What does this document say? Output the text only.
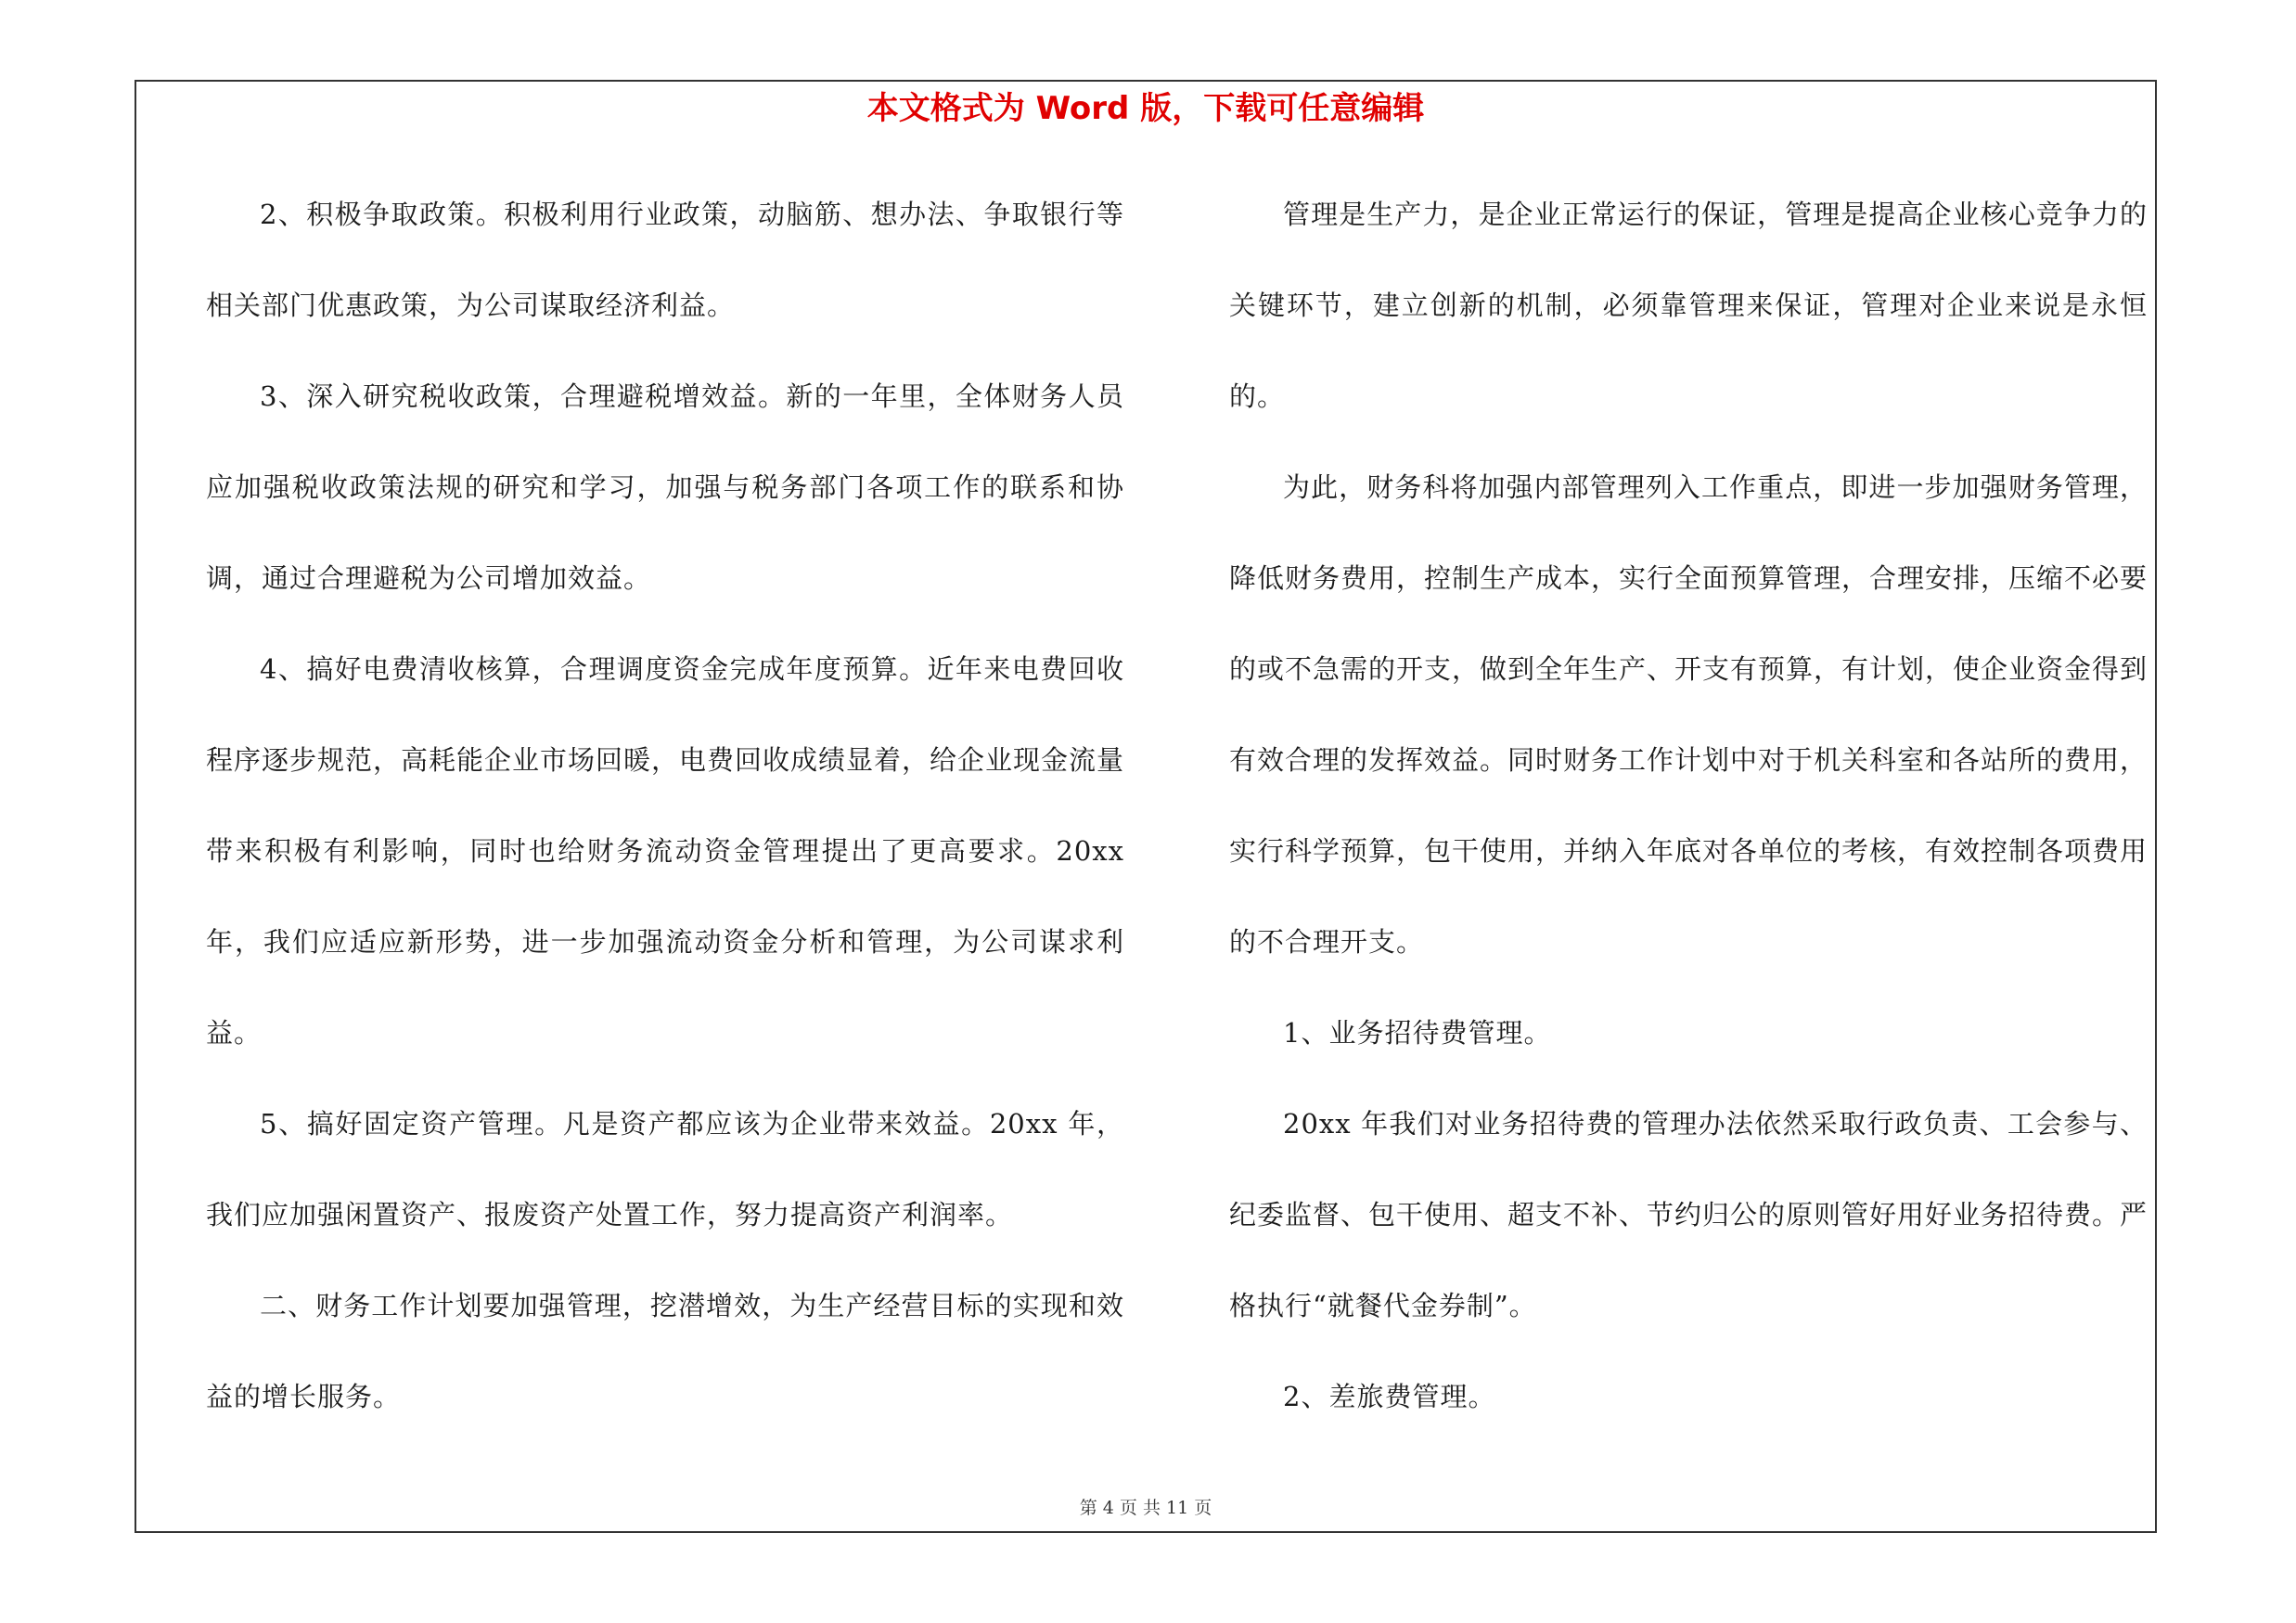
本文格式为 Word 版，下载可任意编辑

2、积极争取政策。积极利用行业政策，动脑筋、想办法、争取银行等相关部门优惠政策，为公司谋取经济利益。

3、深入研究税收政策，合理避税增效益。新的一年里，全体财务人员应加强税收政策法规的研究和学习，加强与税务部门各项工作的联系和协调，通过合理避税为公司增加效益。

4、搞好电费清收核算，合理调度资金完成年度预算。近年来电费回收程序逐步规范，高耗能企业市场回暖，电费回收成绩显着，给企业现金流量带来积极有利影响，同时也给财务流动资金管理提出了更高要求。20xx 年，我们应适应新形势，进一步加强流动资金分析和管理，为公司谋求利益。

5、搞好固定资产管理。凡是资产都应该为企业带来效益。20xx 年，我们应加强闲置资产、报废资产处置工作，努力提高资产利润率。

二、财务工作计划要加强管理，挖潜增效，为生产经营目标的实现和效益的增长服务。

管理是生产力，是企业正常运行的保证，管理是提高企业核心竞争力的关键环节，建立创新的机制，必须靠管理来保证，管理对企业来说是永恒的。

为此，财务科将加强内部管理列入工作重点，即进一步加强财务管理，降低财务费用，控制生产成本，实行全面预算管理，合理安排，压缩不必要的或不急需的开支，做到全年生产、开支有预算，有计划，使企业资金得到有效合理的发挥效益。同时财务工作计划中对于机关科室和各站所的费用，实行科学预算，包干使用，并纳入年底对各单位的考核，有效控制各项费用的不合理开支。

1、业务招待费管理。

20xx 年我们对业务招待费的管理办法依然采取行政负责、工会参与、纪委监督、包干使用、超支不补、节约归公的原则管好用好业务招待费。严格执行“就餐代金券制”。

2、差旅费管理。

第 4 页 共 11 页
